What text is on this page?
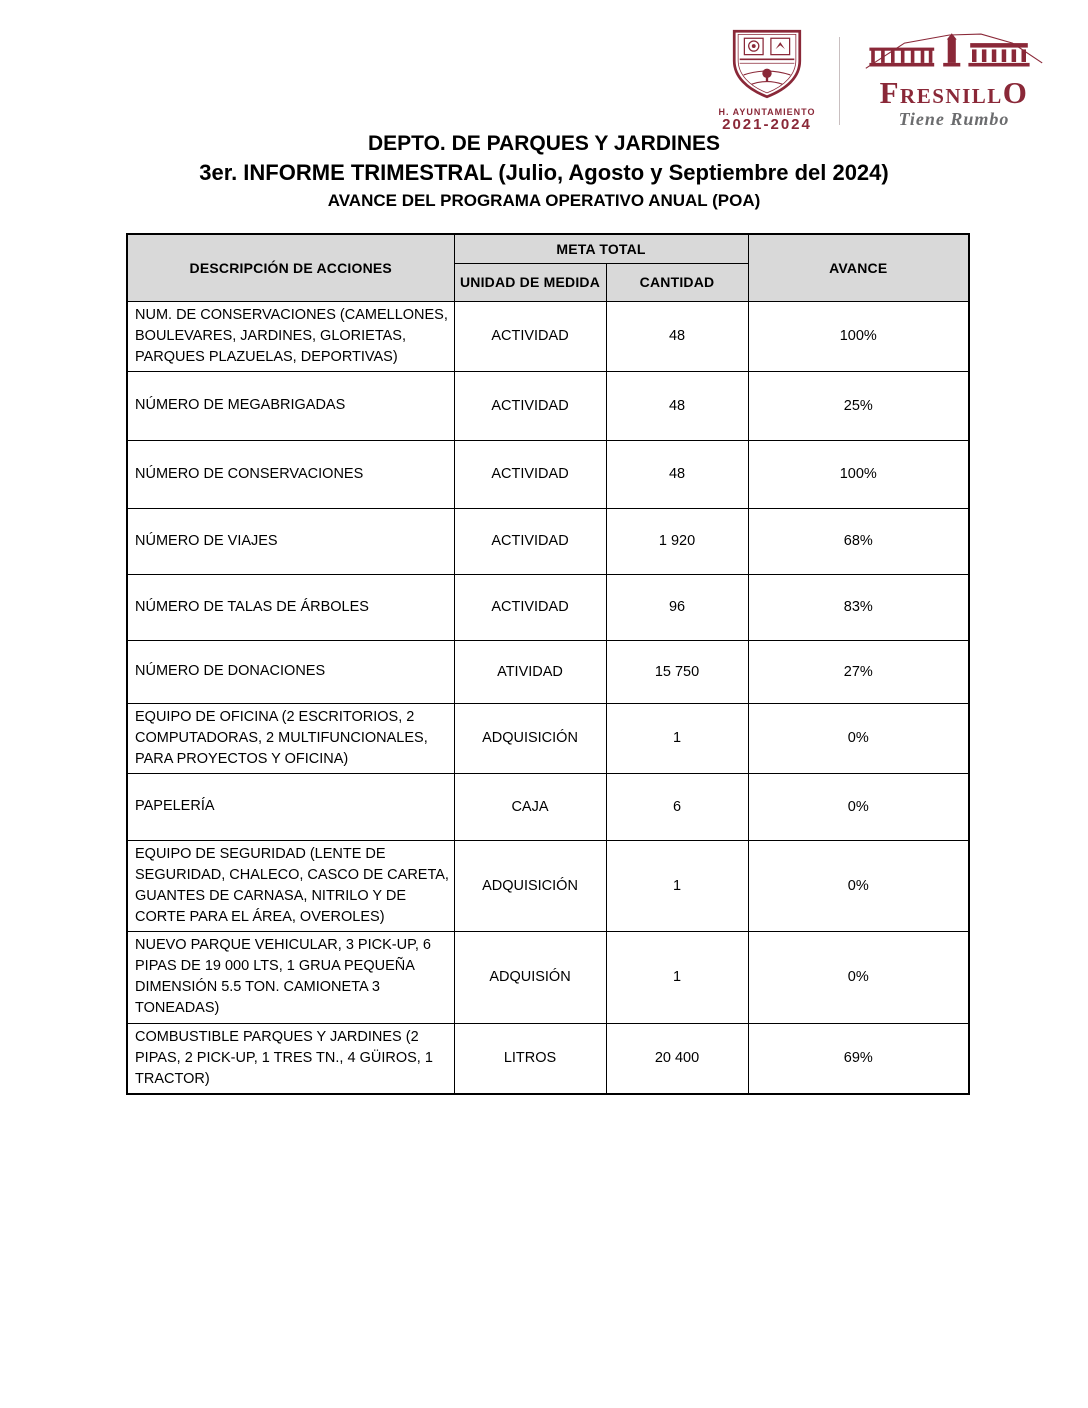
H. AYUNTAMIENTO
2021-2024
FRESNILLO
Tiene Rumbo
DEPTO. DE PARQUES Y JARDINES
3er. INFORME TRIMESTRAL (Julio, Agosto y Septiembre del 2024)
AVANCE DEL PROGRAMA OPERATIVO ANUAL (POA)
DESCRIPCIÓN DE ACCIONES	META TOTAL		AVANCE
	UNIDAD DE MEDIDA	CANTIDAD	
NUM. DE CONSERVACIONES (CAMELLONES, BOULEVARES, JARDINES, GLORIETAS, PARQUES PLAZUELAS, DEPORTIVAS)	ACTIVIDAD	48	100%
NÚMERO DE MEGABRIGADAS	ACTIVIDAD	48	25%
NÚMERO DE CONSERVACIONES	ACTIVIDAD	48	100%
NÚMERO DE VIAJES	ACTIVIDAD	1 920	68%
NÚMERO DE TALAS DE ÁRBOLES	ACTIVIDAD	96	83%
NÚMERO DE DONACIONES	ATIVIDAD	15 750	27%
EQUIPO DE OFICINA (2 ESCRITORIOS, 2 COMPUTADORAS, 2 MULTIFUNCIONALES, PARA PROYECTOS Y OFICINA)	ADQUISICIÓN	1	0%
PAPELERÍA	CAJA	6	0%
EQUIPO DE SEGURIDAD (LENTE DE SEGURIDAD, CHALECO, CASCO DE CARETA, GUANTES DE CARNASA, NITRILO Y DE CORTE PARA EL ÁREA, OVEROLES)	ADQUISICIÓN	1	0%
NUEVO PARQUE VEHICULAR, 3 PICK-UP, 6 PIPAS DE 19 000 LTS, 1 GRUA PEQUEÑA DIMENSIÓN 5.5 TON. CAMIONETA 3 TONEADAS)	ADQUISIÓN	1	0%
COMBUSTIBLE PARQUES Y JARDINES (2 PIPAS, 2 PICK-UP, 1 TRES TN., 4 GÜIROS, 1 TRACTOR)	LITROS	20 400	69%
